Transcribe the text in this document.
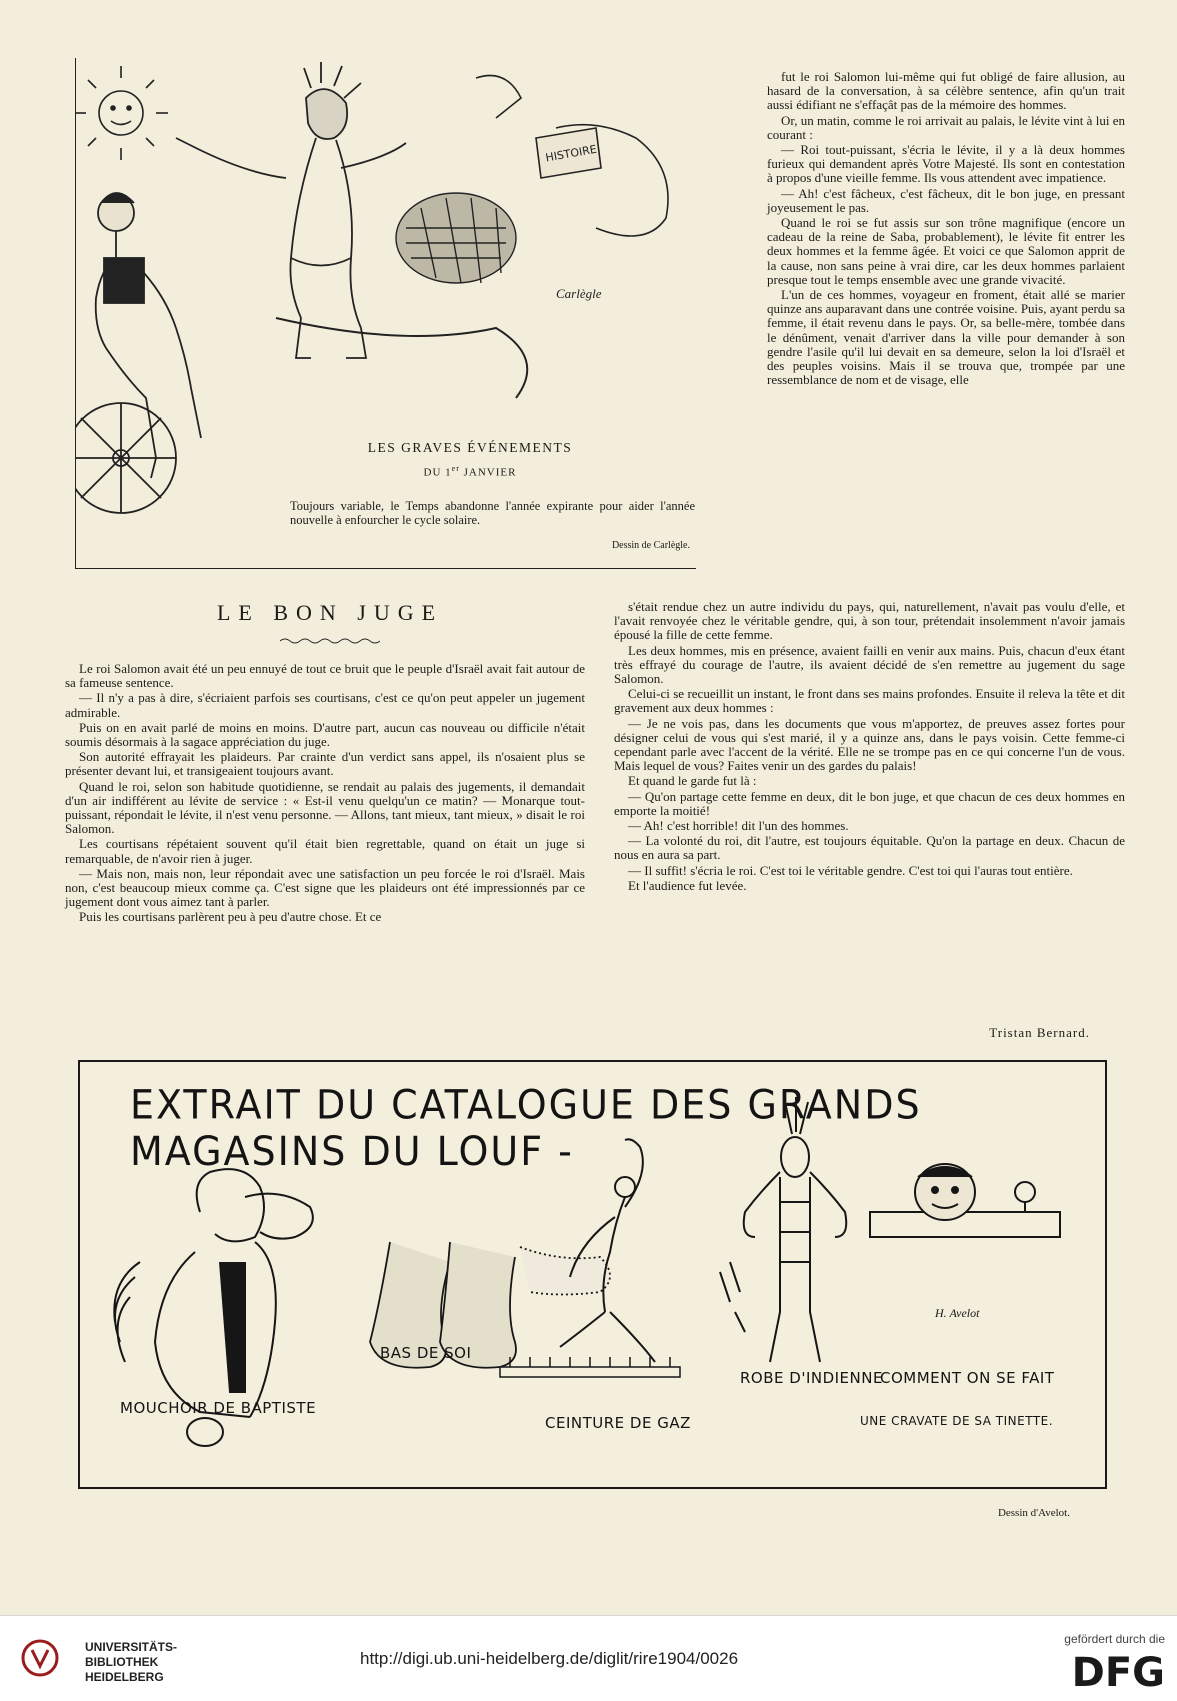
HISTOIRE
Carlègle
LES GRAVES ÉVÉNEMENTS
DU 1er JANVIER
Toujours variable, le Temps abandonne l'année expirante pour aider l'année nouvelle à enfourcher le cycle solaire.
Dessin de Carlègle.
LE BON JUGE

fut le roi Salomon lui-même qui fut obligé de faire allusion, au hasard de la conversation, à sa célèbre sentence, afin qu'un trait aussi édifiant ne s'effaçât pas de la mémoire des hommes.

Or, un matin, comme le roi arrivait au palais, le lévite vint à lui en courant :

— Roi tout-puissant, s'écria le lévite, il y a là deux hommes furieux qui demandent après Votre Majesté. Ils sont en contestation à propos d'une vieille femme. Ils vous attendent avec impatience.

— Ah! c'est fâcheux, c'est fâcheux, dit le bon juge, en pressant joyeusement le pas.

Quand le roi se fut assis sur son trône magnifique (encore un cadeau de la reine de Saba, probablement), le lévite fit entrer les deux hommes et la femme âgée. Et voici ce que Salomon apprit de la cause, non sans peine à vrai dire, car les deux hommes parlaient presque tout le temps ensemble avec une grande vivacité.

L'un de ces hommes, voyageur en froment, était allé se marier quinze ans auparavant dans une contrée voisine. Puis, ayant perdu sa femme, il était revenu dans le pays. Or, sa belle-mère, tombée dans le dénûment, venait d'arriver dans la ville pour demander à son gendre l'asile qu'il lui devait en sa demeure, selon la loi d'Israël et des peuples voisins. Mais il se trouva que, trompée par une ressemblance de nom et de visage, elle

Le roi Salomon avait été un peu ennuyé de tout ce bruit que le peuple d'Israël avait fait autour de sa fameuse sentence.

— Il n'y a pas à dire, s'écriaient parfois ses courtisans, c'est ce qu'on peut appeler un jugement admirable.

Puis on en avait parlé de moins en moins. D'autre part, aucun cas nouveau ou difficile n'était soumis désormais à la sagace appréciation du juge.

Son autorité effrayait les plaideurs. Par crainte d'un verdict sans appel, ils n'osaient plus se présenter devant lui, et transigeaient toujours avant.

Quand le roi, selon son habitude quotidienne, se rendait au palais des jugements, il demandait d'un air indifférent au lévite de service : « Est-il venu quelqu'un ce matin? — Monarque tout-puissant, répondait le lévite, il n'est venu personne. — Allons, tant mieux, tant mieux, » disait le roi Salomon.

Les courtisans répétaient souvent qu'il était bien regrettable, quand on était un juge si remarquable, de n'avoir rien à juger.

— Mais non, mais non, leur répondait avec une satisfaction un peu forcée le roi d'Israël. Mais non, c'est beaucoup mieux comme ça. C'est signe que les plaideurs ont été impressionnés par ce jugement dont vous aimez tant à parler.

Puis les courtisans parlèrent peu à peu d'autre chose. Et ce

s'était rendue chez un autre individu du pays, qui, naturellement, n'avait pas voulu d'elle, et l'avait renvoyée chez le véritable gendre, qui, à son tour, prétendait insolemment n'avoir jamais épousé la fille de cette femme.

Les deux hommes, mis en présence, avaient failli en venir aux mains. Puis, chacun d'eux étant très effrayé du courage de l'autre, ils avaient décidé de s'en remettre au jugement du sage Salomon.

Celui-ci se recueillit un instant, le front dans ses mains profondes. Ensuite il releva la tête et dit gravement aux deux hommes :

— Je ne vois pas, dans les documents que vous m'apportez, de preuves assez fortes pour désigner celui de vous qui s'est marié, il y a quinze ans, dans le pays voisin. Cette femme-ci cependant parle avec l'accent de la vérité. Elle ne se trompe pas en ce qui concerne l'un de vous. Mais lequel de vous? Faites venir un des gardes du palais!

Et quand le garde fut là :

— Qu'on partage cette femme en deux, dit le bon juge, et que chacun de ces deux hommes en emporte la moitié!

— Ah! c'est horrible! dit l'un des hommes.

— La volonté du roi, dit l'autre, est toujours équitable. Qu'on la partage en deux. Chacun de nous en aura sa part.

— Il suffit! s'écria le roi. C'est toi le véritable gendre. C'est toi qui l'auras tout entière.

Et l'audience fut levée.

Tristan Bernard.
EXTRAIT DU CATALOGUE DES GRANDS MAGASINS DU LOUF -
H. Avelot
MOUCHOIR DE BAPTISTE
BAS DE SOI
CEINTURE DE GAZ
ROBE D'INDIENNE
COMMENT ON SE FAIT
UNE CRAVATE DE SA TINETTE.
Dessin d'Avelot.
UNIVERSITÄTS-
BIBLIOTHEK
HEIDELBERG
http://digi.ub.uni-heidelberg.de/diglit/rire1904/0026
gefördert durch die
DFG
